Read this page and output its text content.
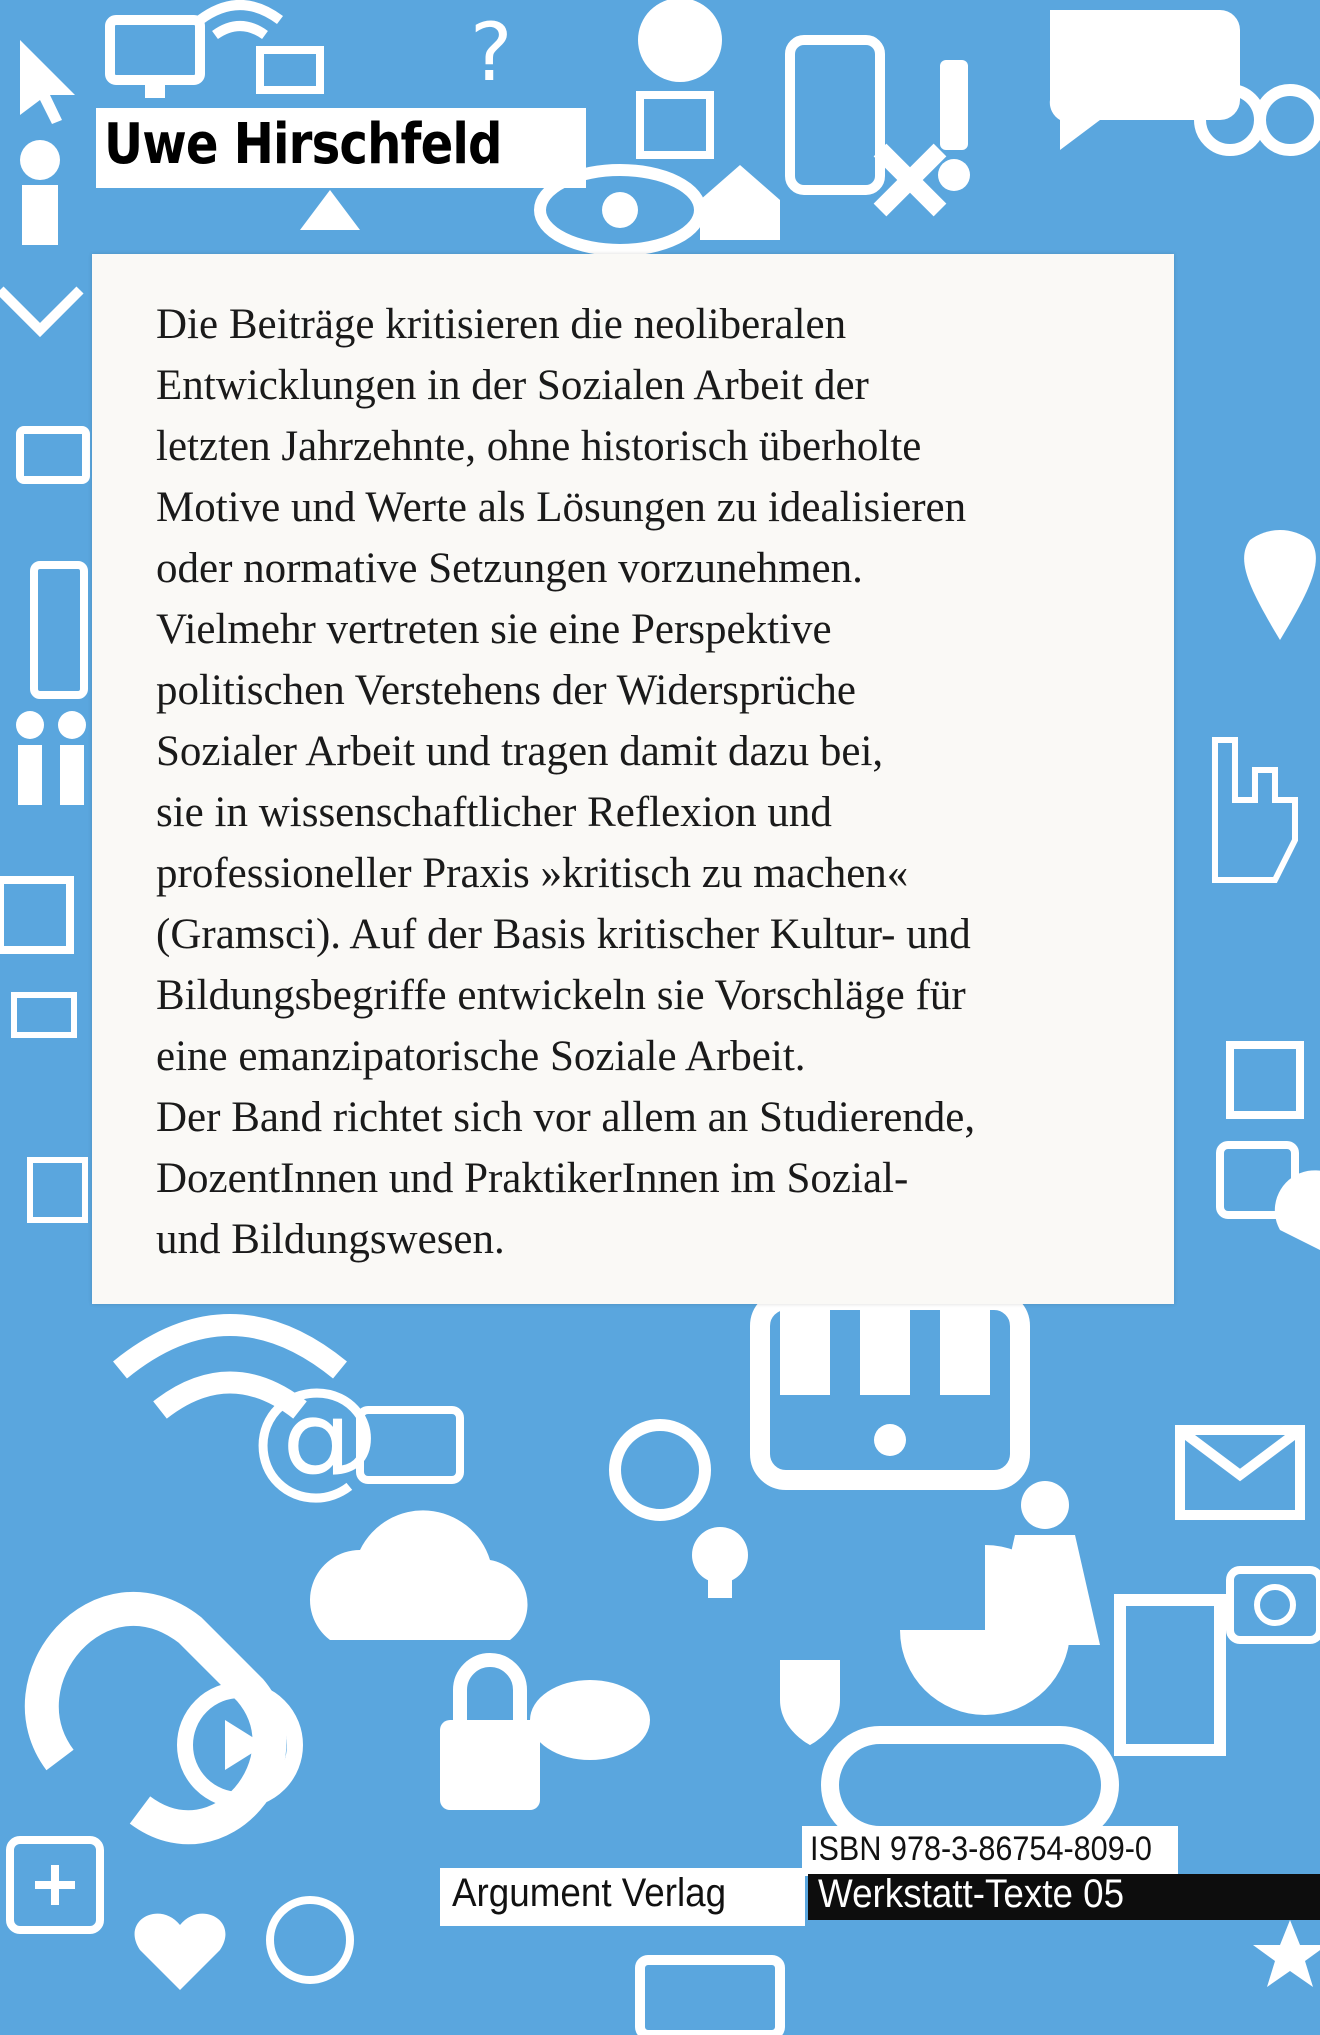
?
@
Uwe Hirschfeld
Die Beiträge kritisieren die neoliberalen
Entwicklungen in der Sozialen Arbeit der
letzten Jahrzehnte, ohne historisch überholte
Motive und Werte als Lösungen zu idealisieren
oder normative Setzungen vorzunehmen.
Vielmehr vertreten sie eine Perspektive
politischen Verstehens der Widersprüche
Sozialer Arbeit und tragen damit dazu bei,
sie in wissenschaftlicher Reflexion und
professioneller Praxis »kritisch zu machen«
(Gramsci). Auf der Basis kritischer Kultur- und
Bildungsbegriffe entwickeln sie Vorschläge für
eine emanzipatorische Soziale Arbeit.
Der Band richtet sich vor allem an Studierende,
DozentInnen und PraktikerInnen im Sozial-
und Bildungswesen.
ISBN 978-3-86754-809-0
Argument Verlag Werkstatt-Texte 05
